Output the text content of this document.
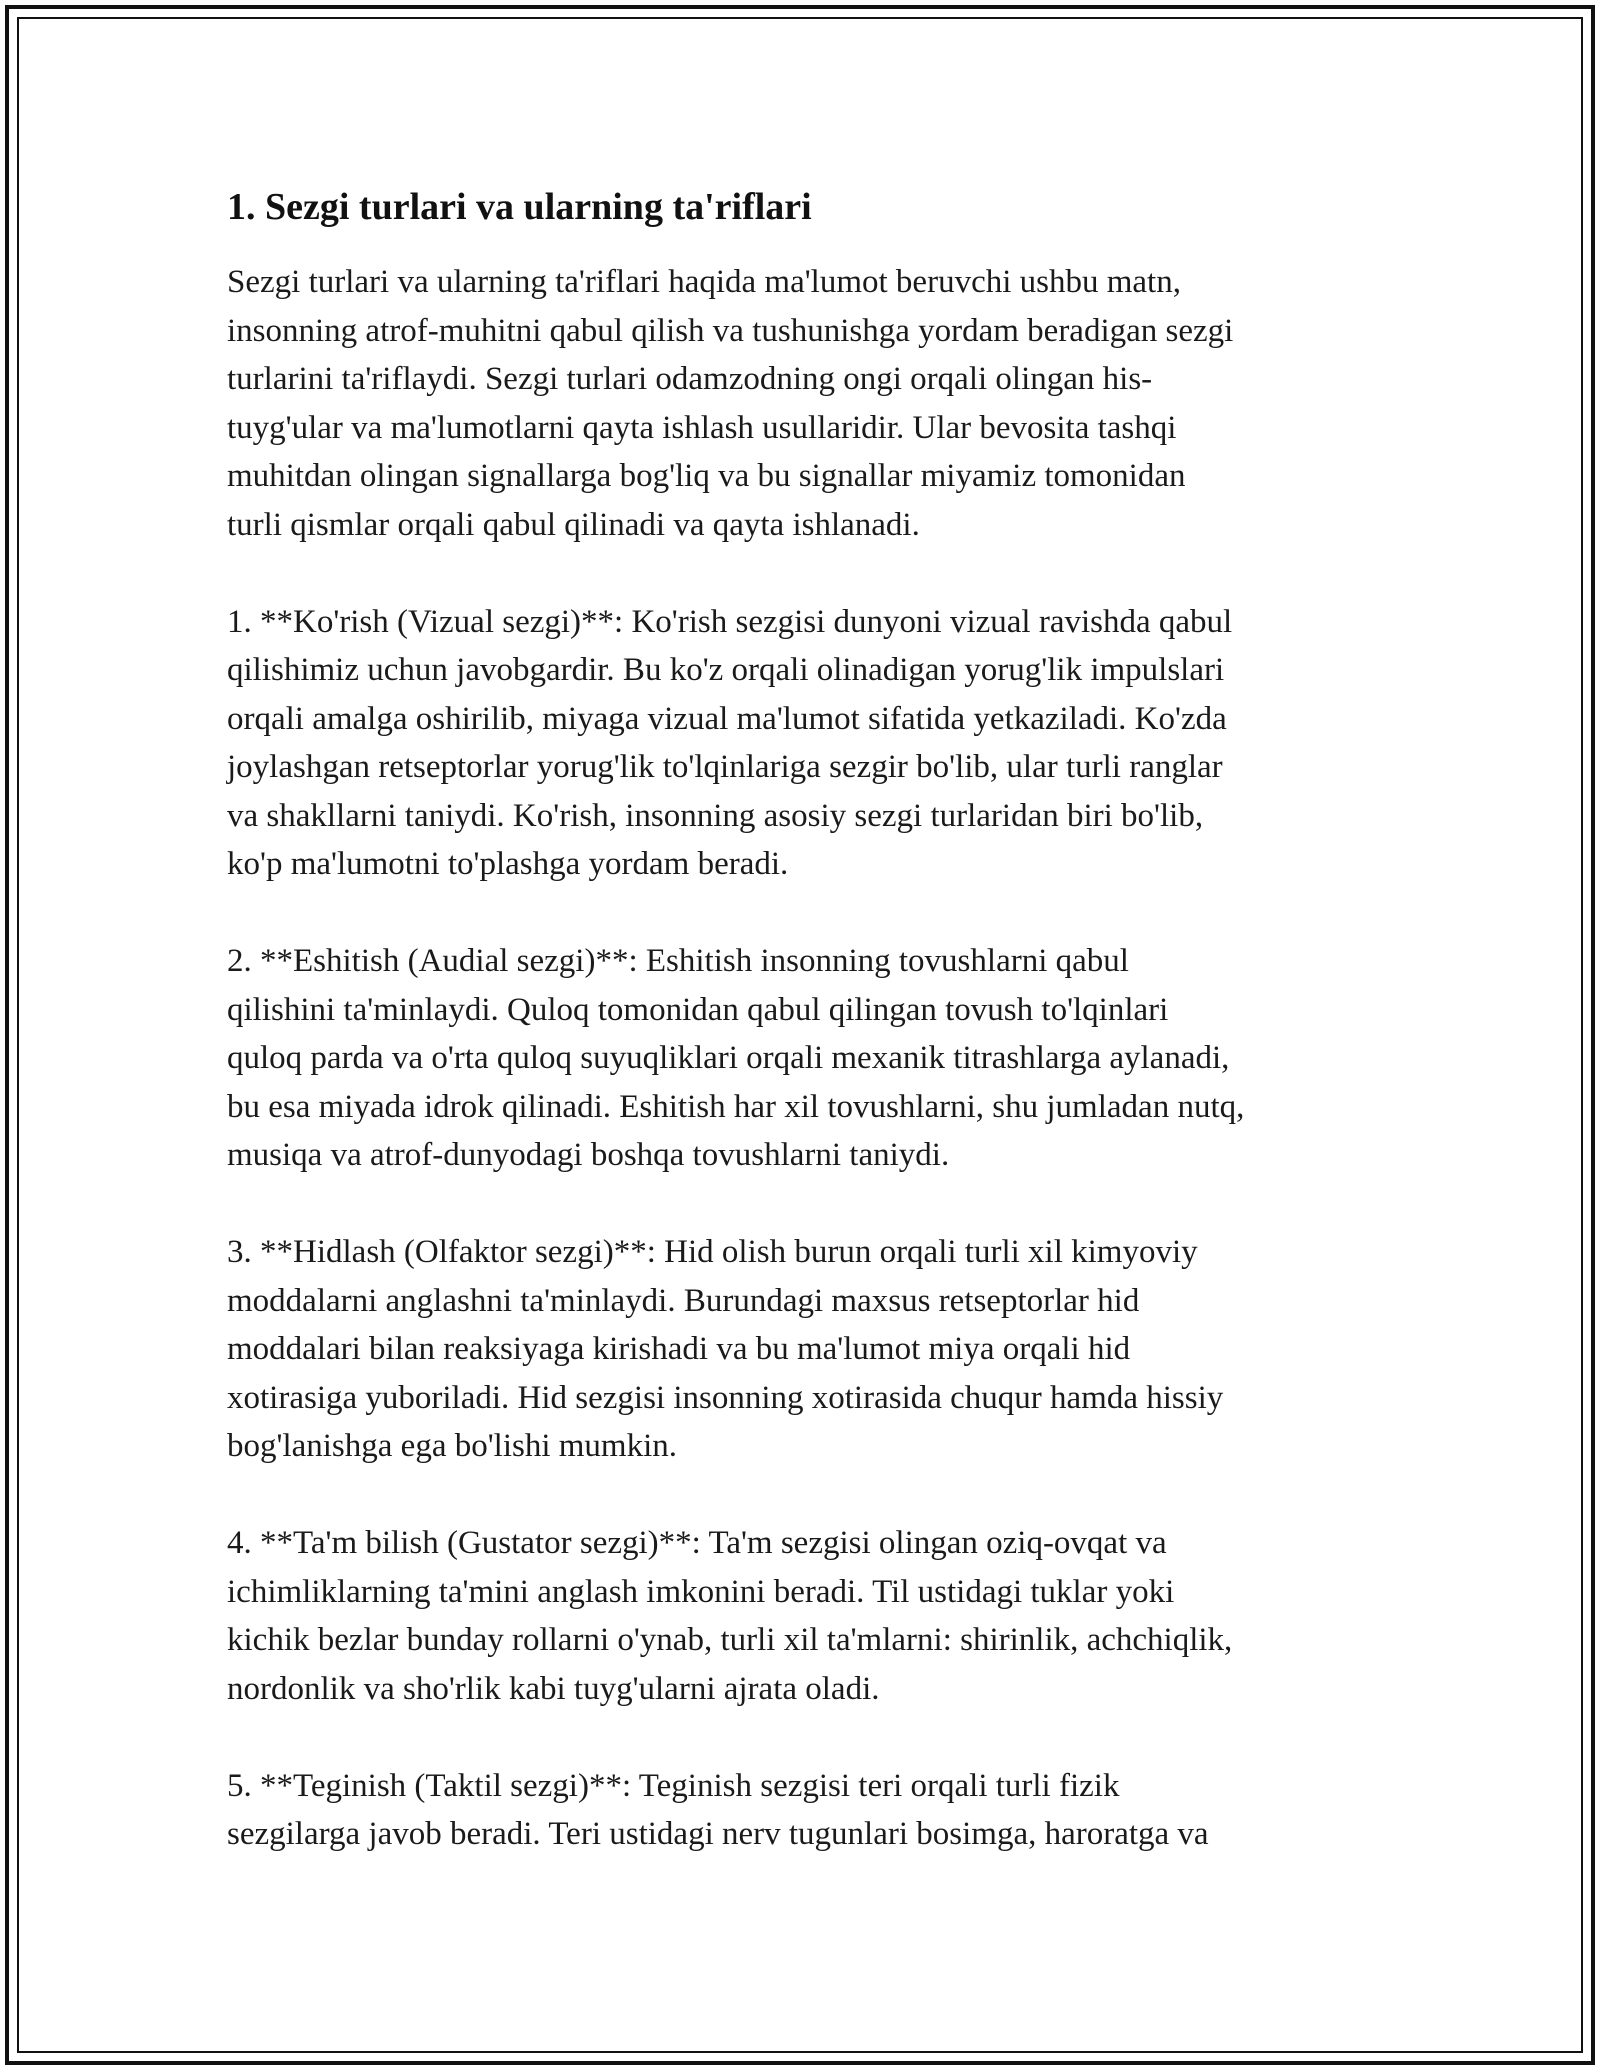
1. Sezgi turlari va ularning ta'riflari
Sezgi turlari va ularning ta'riflari haqida ma'lumot beruvchi ushbu matn,
insonning atrof-muhitni qabul qilish va tushunishga yordam beradigan sezgi
turlarini ta'riflaydi. Sezgi turlari odamzodning ongi orqali olingan his-
tuyg'ular va ma'lumotlarni qayta ishlash usullaridir. Ular bevosita tashqi
muhitdan olingan signallarga bog'liq va bu signallar miyamiz tomonidan
turli qismlar orqali qabul qilinadi va qayta ishlanadi.
1. **Ko'rish (Vizual sezgi)**: Ko'rish sezgisi dunyoni vizual ravishda qabul
qilishimiz uchun javobgardir. Bu ko'z orqali olinadigan yorug'lik impulslari
orqali amalga oshirilib, miyaga vizual ma'lumot sifatida yetkaziladi. Ko'zda
joylashgan retseptorlar yorug'lik to'lqinlariga sezgir bo'lib, ular turli ranglar
va shakllarni taniydi. Ko'rish, insonning asosiy sezgi turlaridan biri bo'lib,
ko'p ma'lumotni to'plashga yordam beradi.
2. **Eshitish (Audial sezgi)**: Eshitish insonning tovushlarni qabul
qilishini ta'minlaydi. Quloq tomonidan qabul qilingan tovush to'lqinlari
quloq parda va o'rta quloq suyuqliklari orqali mexanik titrashlarga aylanadi,
bu esa miyada idrok qilinadi. Eshitish har xil tovushlarni, shu jumladan nutq,
musiqa va atrof-dunyodagi boshqa tovushlarni taniydi.
3. **Hidlash (Olfaktor sezgi)**: Hid olish burun orqali turli xil kimyoviy
moddalarni anglashni ta'minlaydi. Burundagi maxsus retseptorlar hid
moddalari bilan reaksiyaga kirishadi va bu ma'lumot miya orqali hid
xotirasiga yuboriladi. Hid sezgisi insonning xotirasida chuqur hamda hissiy
bog'lanishga ega bo'lishi mumkin.
4. **Ta'm bilish (Gustator sezgi)**: Ta'm sezgisi olingan oziq-ovqat va
ichimliklarning ta'mini anglash imkonini beradi. Til ustidagi tuklar yoki
kichik bezlar bunday rollarni o'ynab, turli xil ta'mlarni: shirinlik, achchiqlik,
nordonlik va sho'rlik kabi tuyg'ularni ajrata oladi.
5. **Teginish (Taktil sezgi)**: Teginish sezgisi teri orqali turli fizik
sezgilarga javob beradi. Teri ustidagi nerv tugunlari bosimga, haroratga va
